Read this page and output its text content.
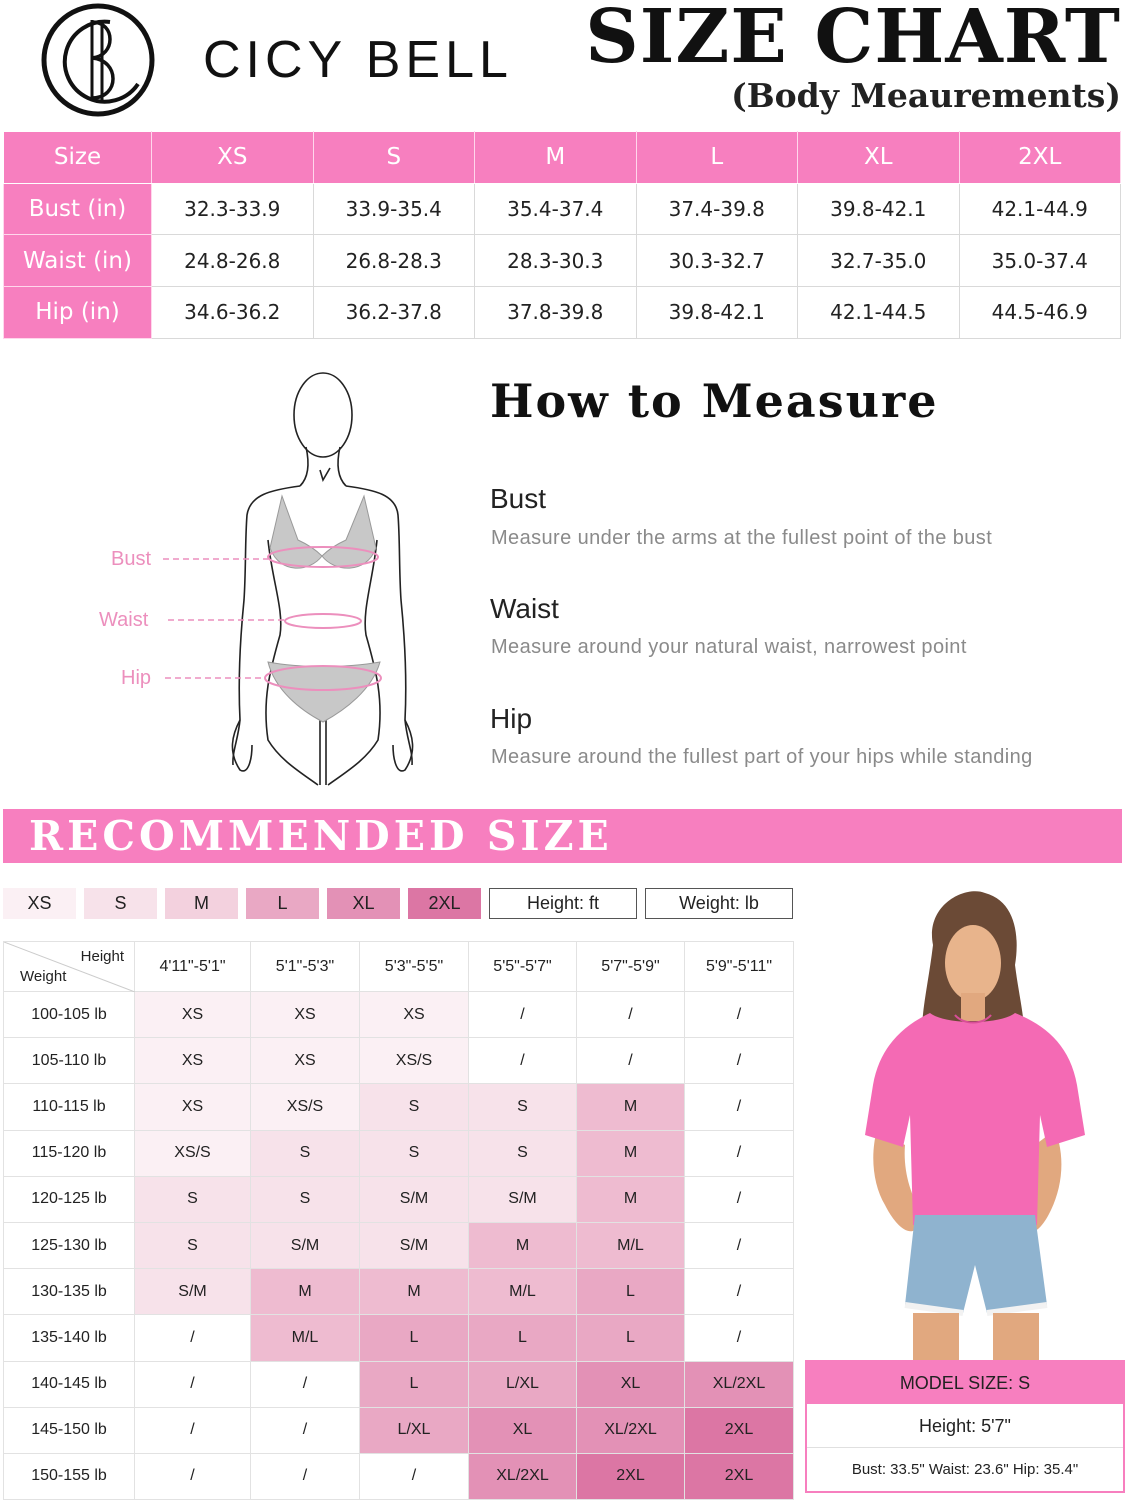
CICY BELL SIZE CHART
(Body Meaurements)
Size	XS	S	M	L	XL	2XL
Bust (in)	32.3-33.9	33.9-35.4	35.4-37.4	37.4-39.8	39.8-42.1	42.1-44.9
Waist (in)	24.8-26.8	26.8-28.3	28.3-30.3	30.3-32.7	32.7-35.0	35.0-37.4
Hip (in)	34.6-36.2	36.2-37.8	37.8-39.8	39.8-42.1	42.1-44.5	44.5-46.9
Bust
Waist
Hip
How to Measure
Bust
Measure under the arms at the fullest point of the bust
Waist
Measure around your natural waist, narrowest point
Hip
Measure around the fullest part of your hips while standing
RECOMMENDED SIZE
XS	S	M	L	XL	2XL	Height: ft	Weight: lb
Height
Weight	4'11"-5'1"	5'1"-5'3"	5'3"-5'5"	5'5"-5'7"	5'7"-5'9"	5'9"-5'11"
100-105 lb	XS	XS	XS	/	/	/
105-110 lb	XS	XS	XS/S	/	/	/
110-115 lb	XS	XS/S	S	S	M	/
115-120 lb	XS/S	S	S	S	M	/
120-125 lb	S	S	S/M	S/M	M	/
125-130 lb	S	S/M	S/M	M	M/L	/
130-135 lb	S/M	M	M	M/L	L	/
135-140 lb	/	M/L	L	L	L	/
140-145 lb	/	/	L	L/XL	XL	XL/2XL
145-150 lb	/	/	L/XL	XL	XL/2XL	2XL
150-155 lb	/	/	/	XL/2XL	2XL	2XL
MODEL SIZE: S
Height: 5'7"
Bust: 33.5" Waist: 23.6" Hip: 35.4"
